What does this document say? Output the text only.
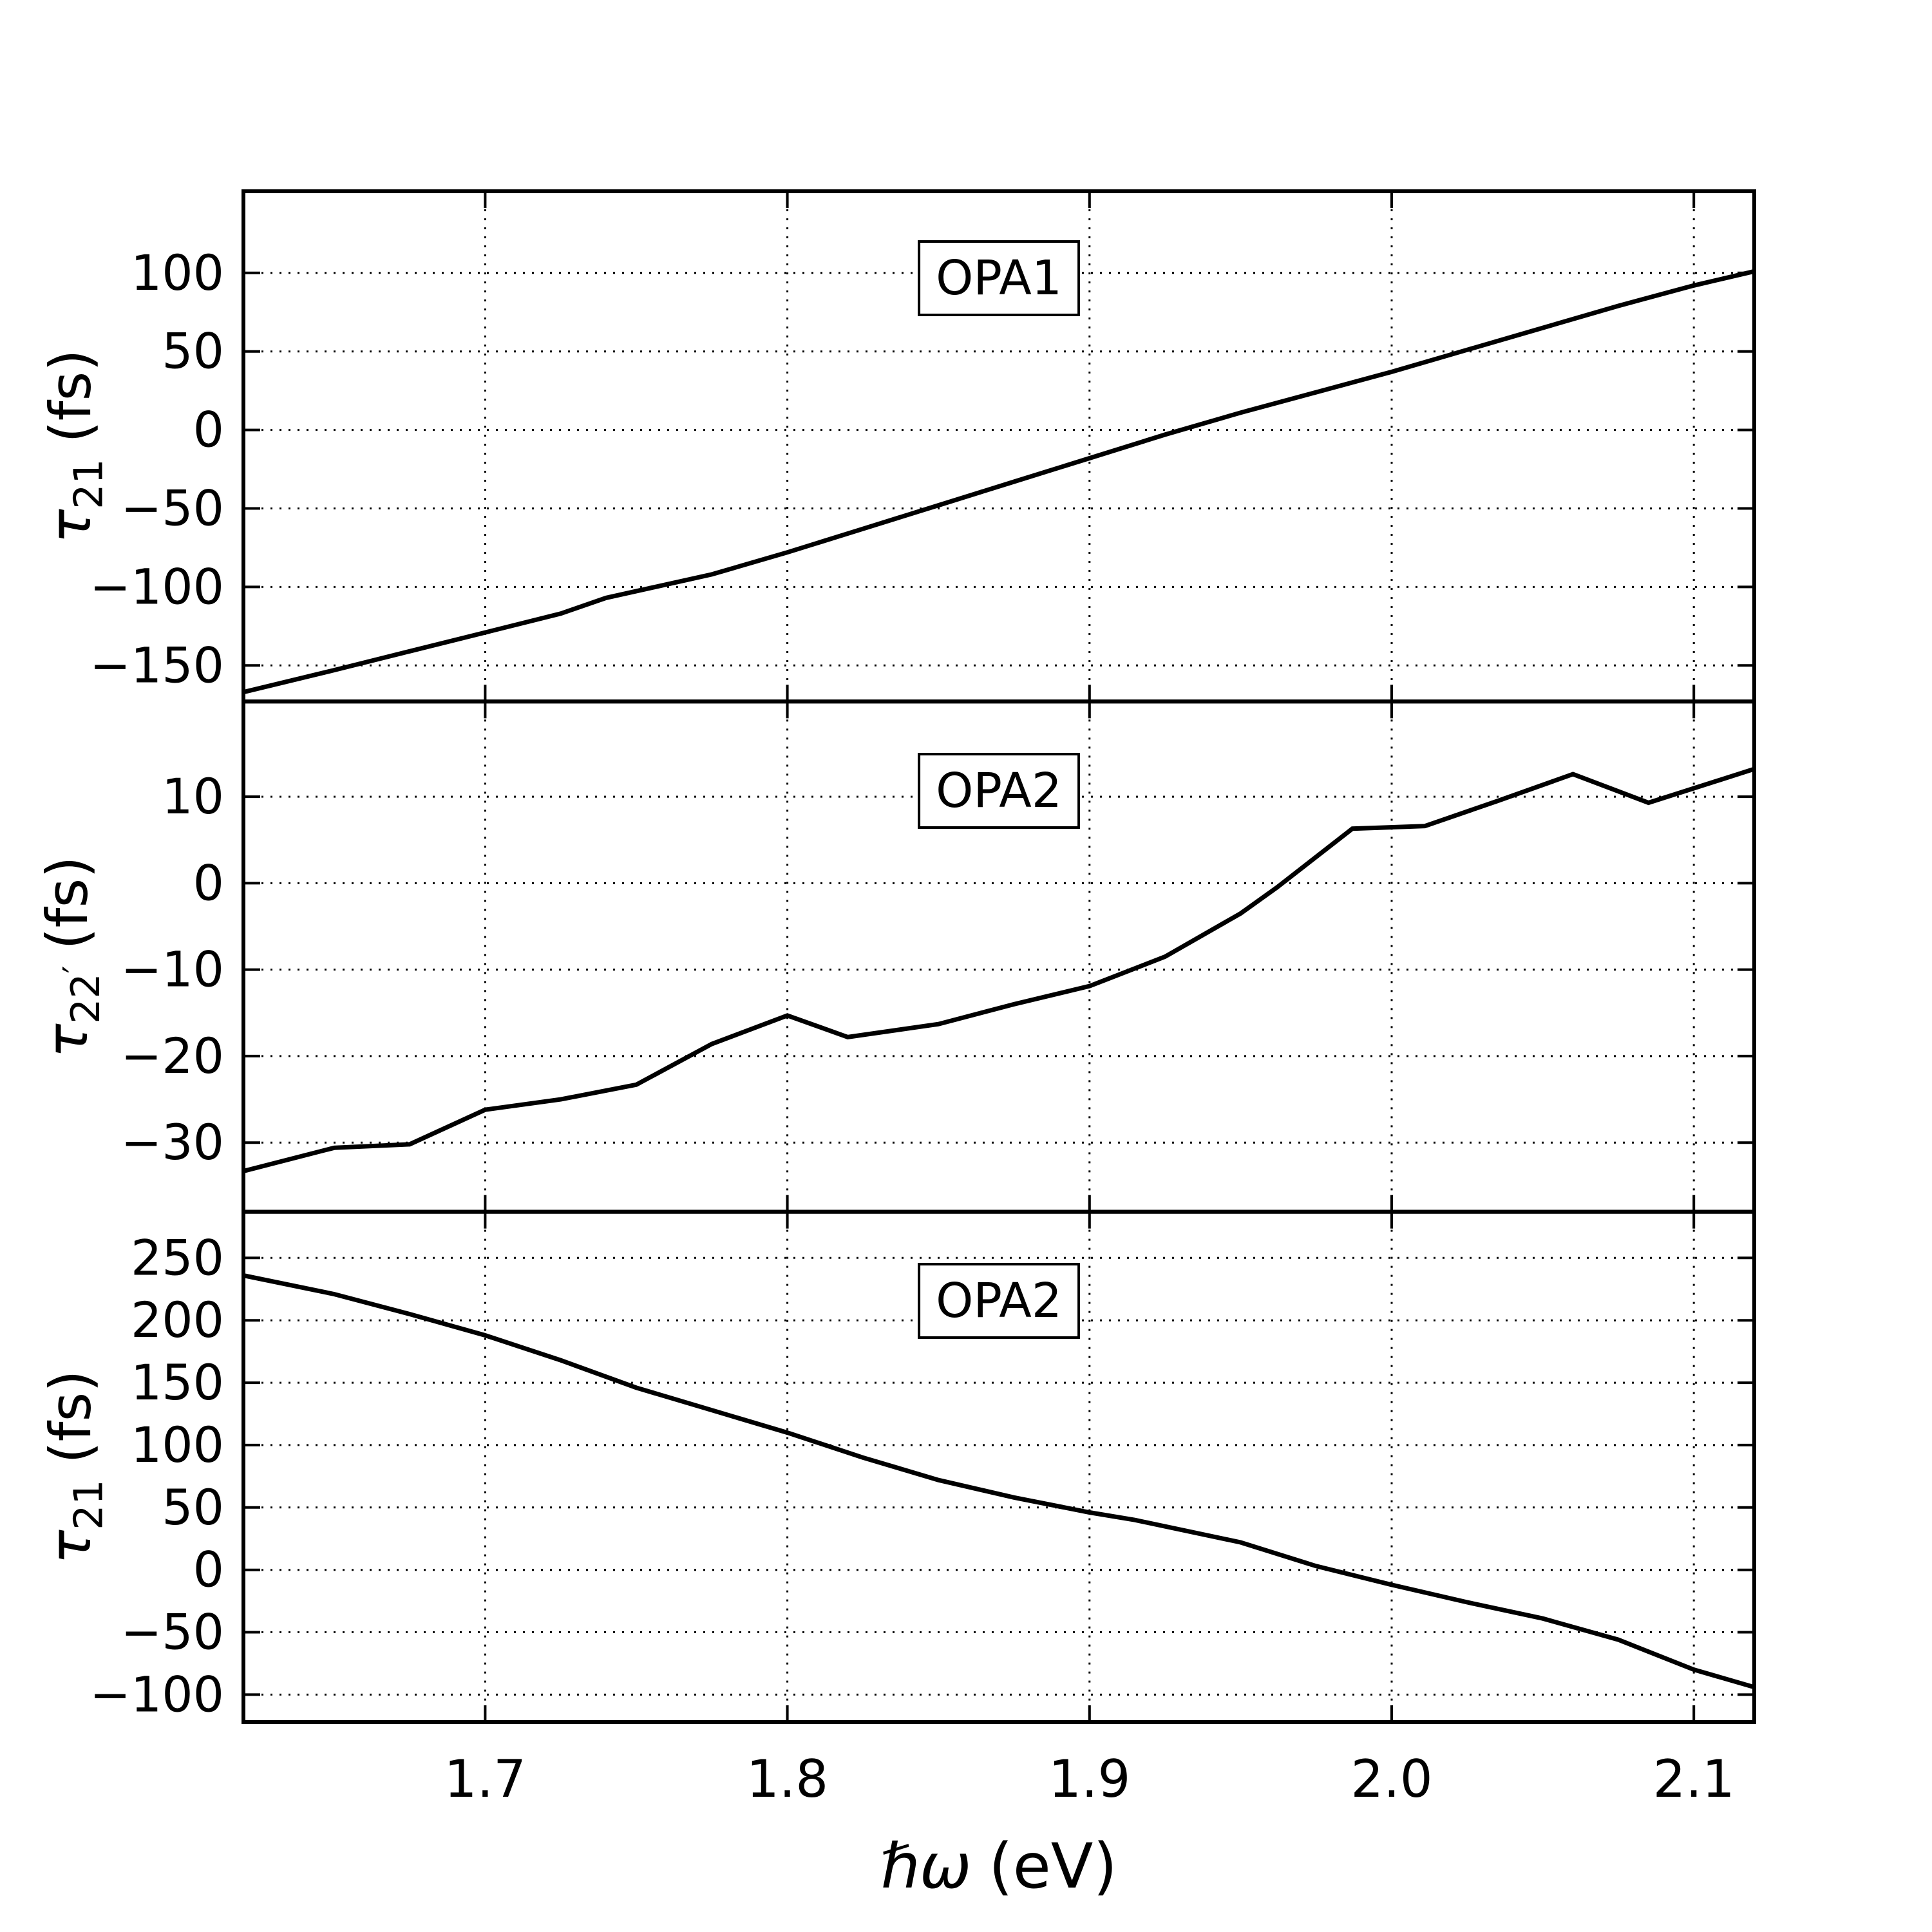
100
50
0
−50
−100
−150
10
0
−10
−20
−30
250
200
150
100
50
0
−50
−100
1.7	1.8	1.9	2.0	2.1
OPA1
OPA2
OPA2
$\tau_{21}(fs)$
$\tau_{22'}(fs)$
$\tau_{21}(fs)$
ℏω (eV)
